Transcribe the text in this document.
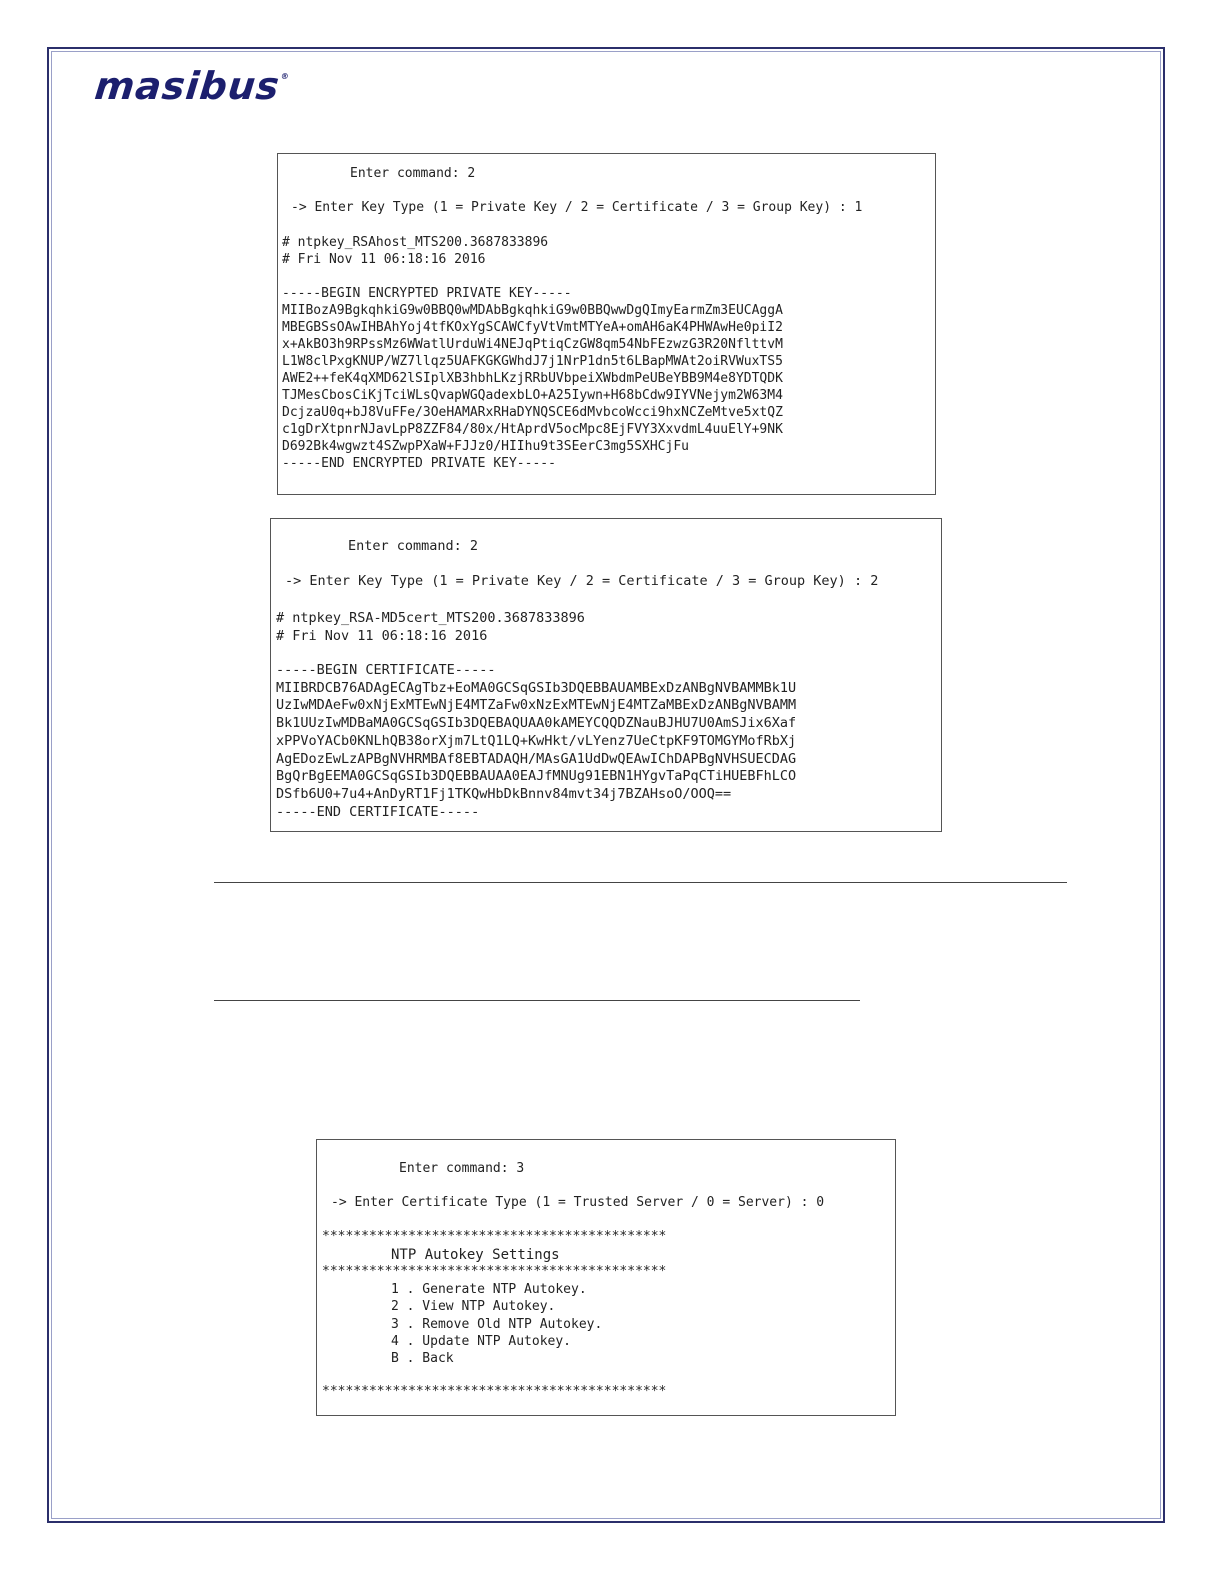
masibus®
Enter command: 2
-> Enter Key Type (1 = Private Key / 2 = Certificate / 3 = Group Key) : 1
# ntpkey_RSAhost_MTS200.3687833896
# Fri Nov 11 06:18:16 2016
-----BEGIN ENCRYPTED PRIVATE KEY-----
MIIBozA9BgkqhkiG9w0BBQ0wMDAbBgkqhkiG9w0BBQwwDgQImyEarmZm3EUCAggA
MBEGBSsOAwIHBAhYoj4tfKOxYgSCAWCfyVtVmtMTYeA+omAH6aK4PHWAwHe0piI2
x+AkBO3h9RPssMz6WWatlUrduWi4NEJqPtiqCzGW8qm54NbFEzwzG3R20NflttvM
L1W8clPxgKNUP/WZ7llqz5UAFKGKGWhdJ7j1NrP1dn5t6LBapMWAt2oiRVWuxTS5
AWE2++feK4qXMD62lSIplXB3hbhLKzjRRbUVbpeiXWbdmPeUBeYBB9M4e8YDTQDK
TJMesCbosCiKjTciWLsQvapWGQadexbLO+A25Iywn+H68bCdw9IYVNejym2W63M4
DcjzaU0q+bJ8VuFFe/3OeHAMARxRHaDYNQSCE6dMvbcoWcci9hxNCZeMtve5xtQZ
c1gDrXtpnrNJavLpP8ZZF84/80x/HtAprdV5ocMpc8EjFVY3XxvdmL4uuElY+9NK
D692Bk4wgwzt4SZwpPXaW+FJJz0/HIIhu9t3SEerC3mg5SXHCjFu
-----END ENCRYPTED PRIVATE KEY-----
Enter command: 2
-> Enter Key Type (1 = Private Key / 2 = Certificate / 3 = Group Key) : 2
# ntpkey_RSA-MD5cert_MTS200.3687833896
# Fri Nov 11 06:18:16 2016
-----BEGIN CERTIFICATE-----
MIIBRDCB76ADAgECAgTbz+EoMA0GCSqGSIb3DQEBBAUAMBExDzANBgNVBAMMBk1U
UzIwMDAeFw0xNjExMTEwNjE4MTZaFw0xNzExMTEwNjE4MTZaMBExDzANBgNVBAMM
Bk1UUzIwMDBaMA0GCSqGSIb3DQEBAQUAA0kAMEYCQQDZNauBJHU7U0AmSJix6Xaf
xPPVoYACb0KNLhQB38orXjm7LtQ1LQ+KwHkt/vLYenz7UeCtpKF9TOMGYMofRbXj
AgEDozEwLzAPBgNVHRMBAf8EBTADAQH/MAsGA1UdDwQEAwIChDAPBgNVHSUECDAG
BgQrBgEEMA0GCSqGSIb3DQEBBAUAA0EAJfMNUg91EBN1HYgvTaPqCTiHUEBFhLCO
DSfb6U0+7u4+AnDyRT1Fj1TKQwHbDkBnnv84mvt34j7BZAHsoO/OOQ==
-----END CERTIFICATE-----
Enter command: 3
-> Enter Certificate Type (1 = Trusted Server / 0 = Server) : 0
********************************************
NTP Autokey Settings
********************************************
1 . Generate NTP Autokey.
2 . View NTP Autokey.
3 . Remove Old NTP Autokey.
4 . Update NTP Autokey.
B . Back
********************************************
